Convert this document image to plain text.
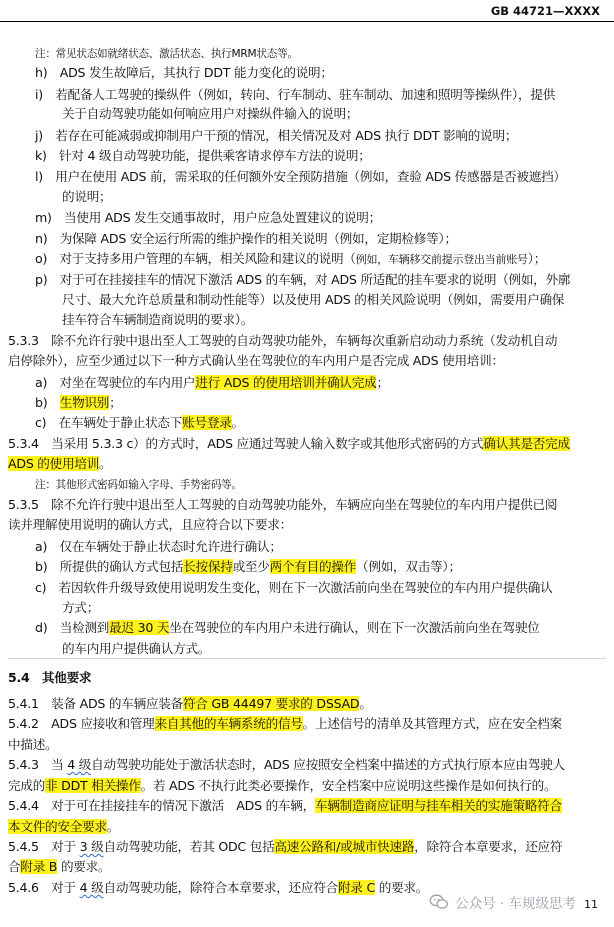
GB 44721—XXXX
注：常见状态如就绪状态、激活状态、执行MRM状态等。
h)　ADS 发生故障后，其执行 DDT 能力变化的说明；
i)　若配备人工驾驶的操纵件（例如，转向、行车制动、驻车制动、加速和照明等操纵件），提供
关于自动驾驶功能如何响应用户对操纵件输入的说明；
j)　若存在可能减弱或抑制用户干预的情况，相关情况及对 ADS 执行 DDT 影响的说明；
k)　针对 4 级自动驾驶功能，提供乘客请求停车方法的说明；
l)　用户在使用 ADS 前，需采取的任何额外安全预防措施（例如，查验 ADS 传感器是否被遮挡）
的说明；
m)　当使用 ADS 发生交通事故时，用户应急处置建议的说明；
n)　为保障 ADS 安全运行所需的维护操作的相关说明（例如，定期检修等）；
o)　对于支持多用户管理的车辆，相关风险和建议的说明（例如，车辆移交前提示登出当前账号）；
p)　对于可在挂接挂车的情况下激活 ADS 的车辆，对 ADS 所适配的挂车要求的说明（例如，外廓
尺寸、最大允许总质量和制动性能等）以及使用 ADS 的相关风险说明（例如，需要用户确保
挂车符合车辆制造商说明的要求）。
5.3.3　除不允许行驶中退出至人工驾驶的自动驾驶功能外，车辆每次重新启动动力系统（发动机自动
启停除外），应至少通过以下一种方式确认坐在驾驶位的车内用户是否完成 ADS 使用培训：
a)　对坐在驾驶位的车内用户进行 ADS 的使用培训并确认完成；
b)　生物识别；
c)　在车辆处于静止状态下账号登录。
5.3.4　当采用 5.3.3 c）的方式时，ADS 应通过驾驶人输入数字或其他形式密码的方式确认其是否完成
ADS 的使用培训。
注：其他形式密码如输入字母、手势密码等。
5.3.5　除不允许行驶中退出至人工驾驶的自动驾驶功能外，车辆应向坐在驾驶位的车内用户提供已阅
读并理解使用说明的确认方式，且应符合以下要求：
a)　仅在车辆处于静止状态时允许进行确认；
b)　所提供的确认方式包括长按保持或至少两个有目的操作（例如，双击等）；
c)　若因软件升级导致使用说明发生变化，则在下一次激活前向坐在驾驶位的车内用户提供确认
方式；
d)　当检测到最迟 30 天坐在驾驶位的车内用户未进行确认，则在下一次激活前向坐在驾驶位
的车内用户提供确认方式。
5.4　其他要求
5.4.1　装备 ADS 的车辆应装备符合 GB 44497 要求的 DSSAD。
5.4.2　ADS 应接收和管理来自其他的车辆系统的信号。上述信号的清单及其管理方式，应在安全档案
中描述。
5.4.3　当 4 级自动驾驶功能处于激活状态时，ADS 应按照安全档案中描述的方式执行原本应由驾驶人
完成的非 DDT 相关操作。若 ADS 不执行此类必要操作，安全档案中应说明这些操作是如何执行的。
5.4.4　对于可在挂接挂车的情况下激活　ADS 的车辆，车辆制造商应证明与挂车相关的实施策略符合
本文件的安全要求。
5.4.5　对于 3 级自动驾驶功能，若其 ODC 包括高速公路和/或城市快速路，除符合本章要求，还应符
合附录 B 的要求。
5.4.6　对于 4 级自动驾驶功能，除符合本章要求，还应符合附录 C 的要求。
公众号 · 车规级思考 11
